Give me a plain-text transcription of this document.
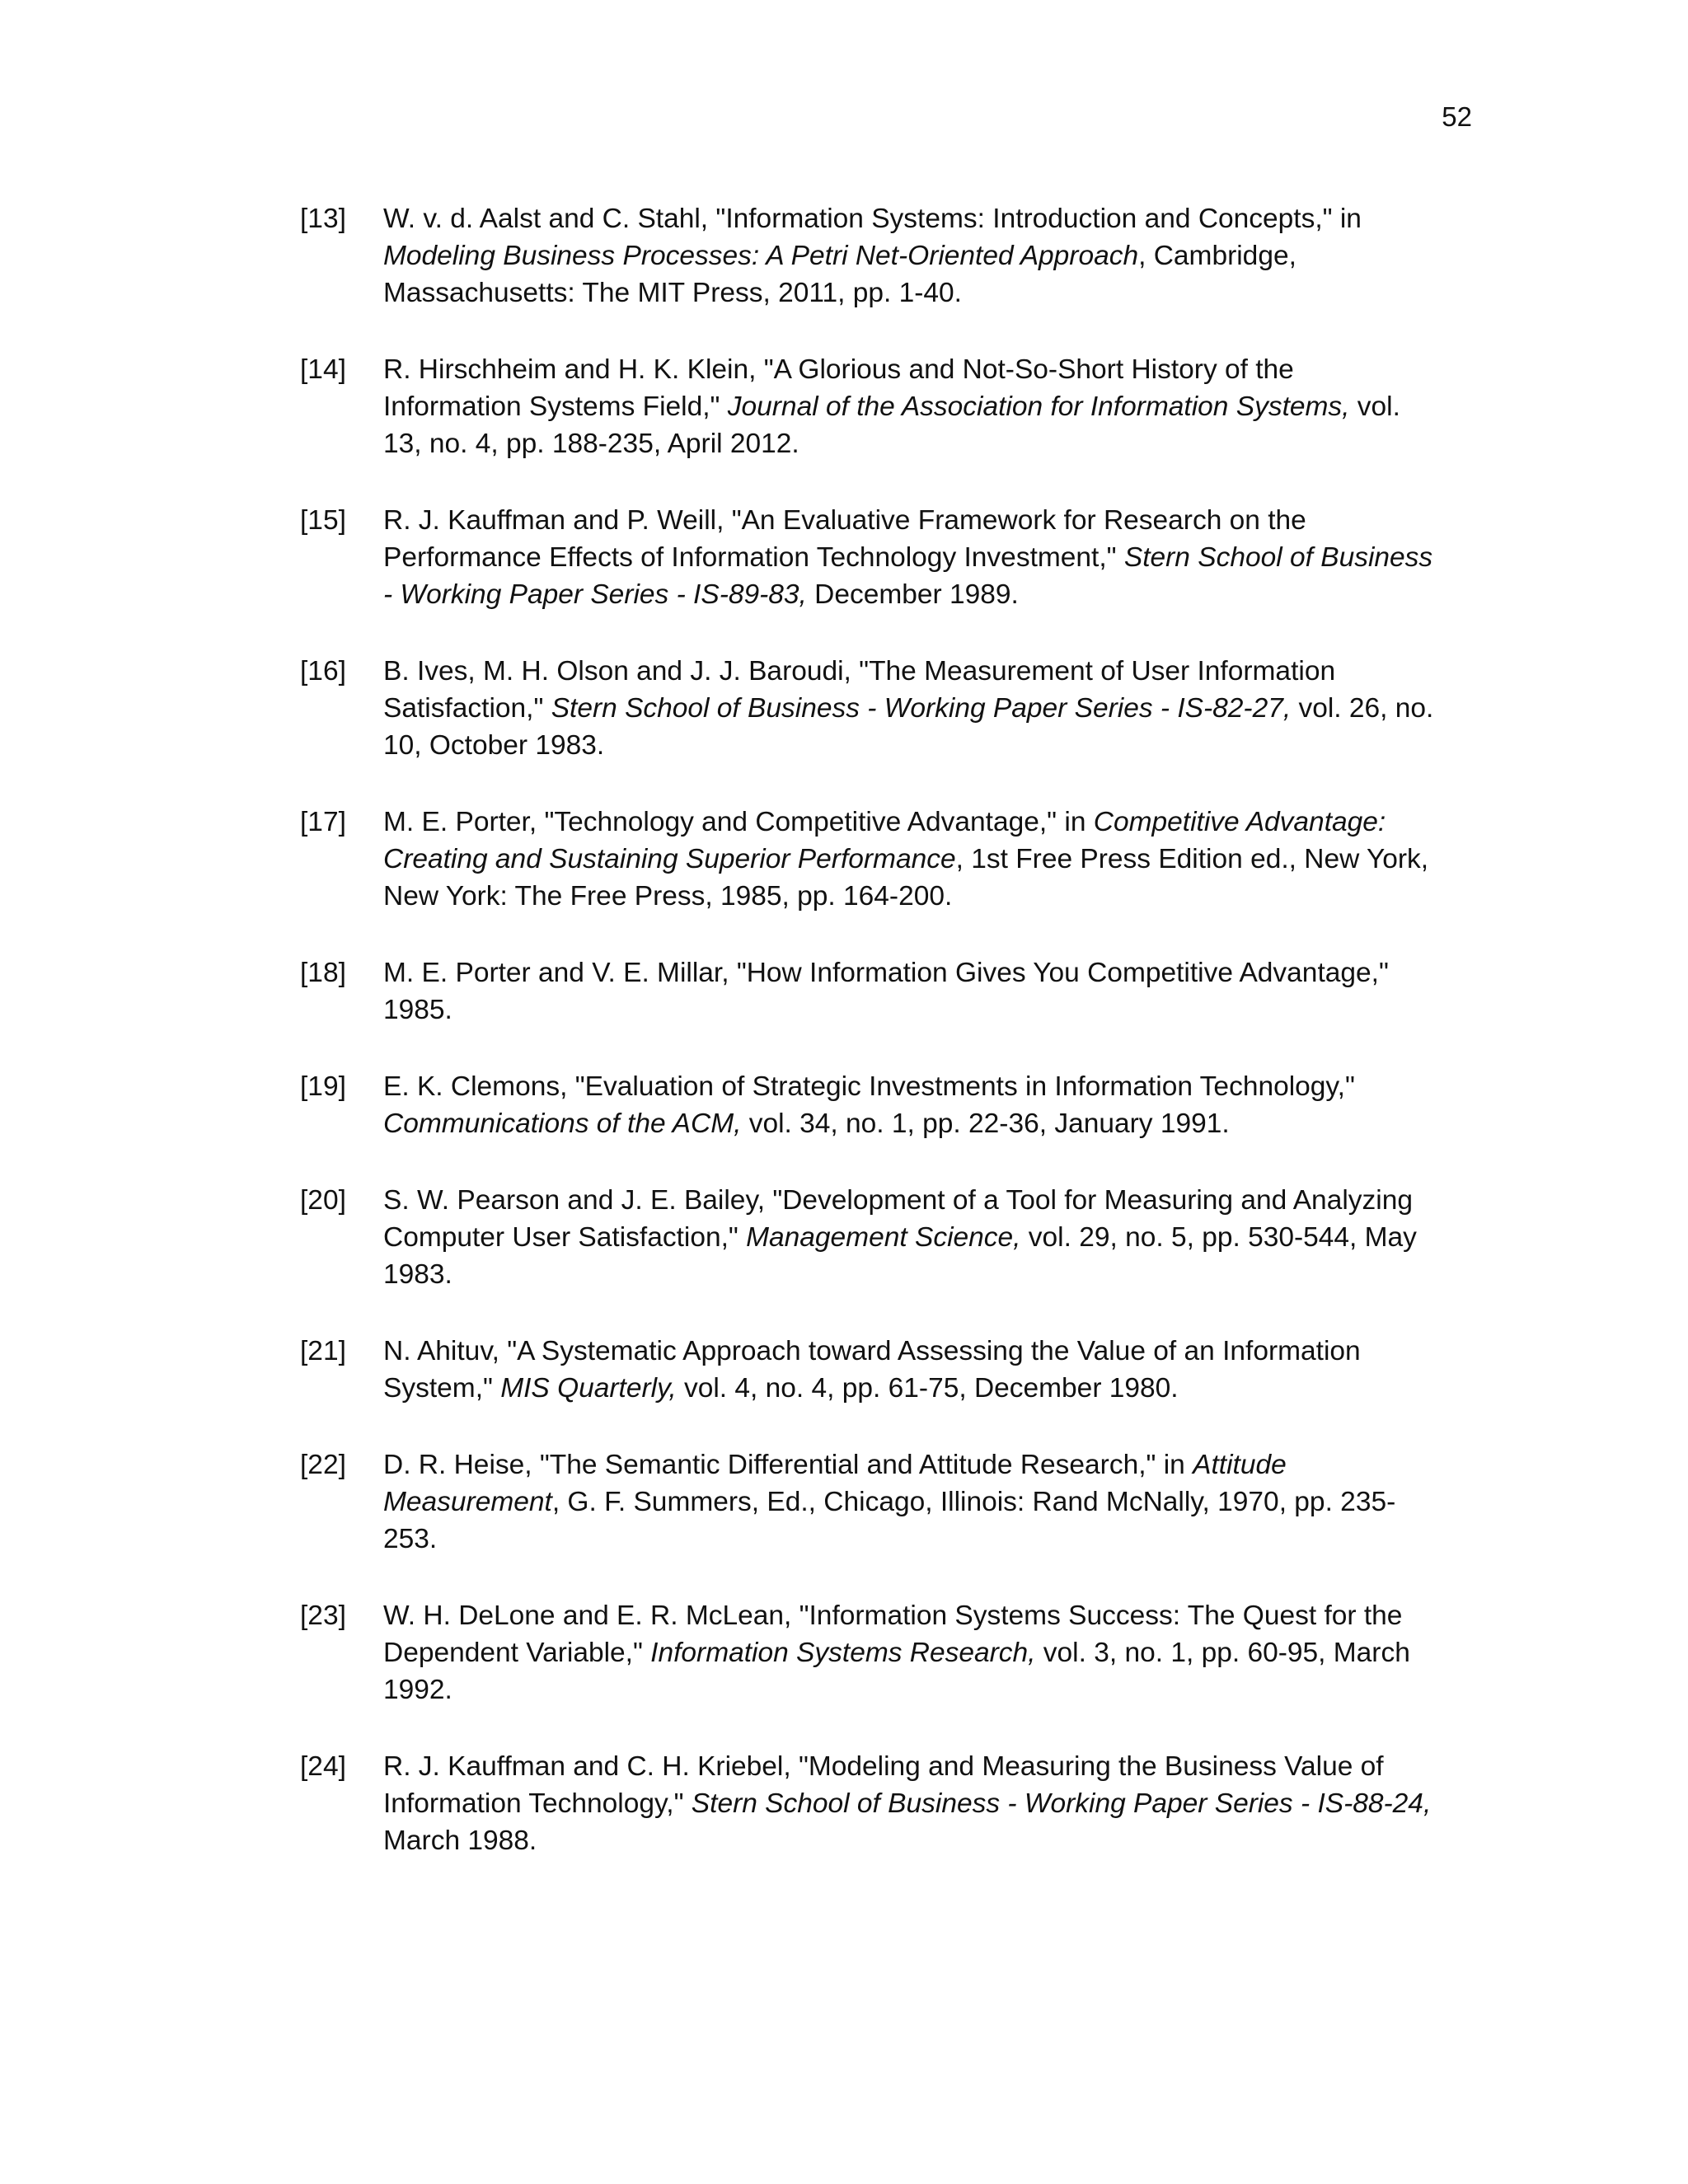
52
[13]	W. v. d. Aalst and C. Stahl, "Information Systems: Introduction and Concepts," in Modeling Business Processes: A Petri Net-Oriented Approach, Cambridge, Massachusetts: The MIT Press, 2011, pp. 1-40.
[14]	R. Hirschheim and H. K. Klein, "A Glorious and Not-So-Short History of the Information Systems Field," Journal of the Association for Information Systems, vol. 13, no. 4, pp. 188-235, April 2012.
[15]	R. J. Kauffman and P. Weill, "An Evaluative Framework for Research on the Performance Effects of Information Technology Investment," Stern School of Business - Working Paper Series - IS-89-83, December 1989.
[16]	B. Ives, M. H. Olson and J. J. Baroudi, "The Measurement of User Information Satisfaction," Stern School of Business - Working Paper Series - IS-82-27, vol. 26, no. 10, October 1983.
[17]	M. E. Porter, "Technology and Competitive Advantage," in Competitive Advantage: Creating and Sustaining Superior Performance, 1st Free Press Edition ed., New York, New York: The Free Press, 1985, pp. 164-200.
[18]	M. E. Porter and V. E. Millar, "How Information Gives You Competitive Advantage," 1985.
[19]	E. K. Clemons, "Evaluation of Strategic Investments in Information Technology," Communications of the ACM, vol. 34, no. 1, pp. 22-36, January 1991.
[20]	S. W. Pearson and J. E. Bailey, "Development of a Tool for Measuring and Analyzing Computer User Satisfaction," Management Science, vol. 29, no. 5, pp. 530-544, May 1983.
[21]	N. Ahituv, "A Systematic Approach toward Assessing the Value of an Information System," MIS Quarterly, vol. 4, no. 4, pp. 61-75, December 1980.
[22]	D. R. Heise, "The Semantic Differential and Attitude Research," in Attitude Measurement, G. F. Summers, Ed., Chicago, Illinois: Rand McNally, 1970, pp. 235-253.
[23]	W. H. DeLone and E. R. McLean, "Information Systems Success: The Quest for the Dependent Variable," Information Systems Research, vol. 3, no. 1, pp. 60-95, March 1992.
[24]	R. J. Kauffman and C. H. Kriebel, "Modeling and Measuring the Business Value of Information Technology," Stern School of Business - Working Paper Series - IS-88-24, March 1988.
